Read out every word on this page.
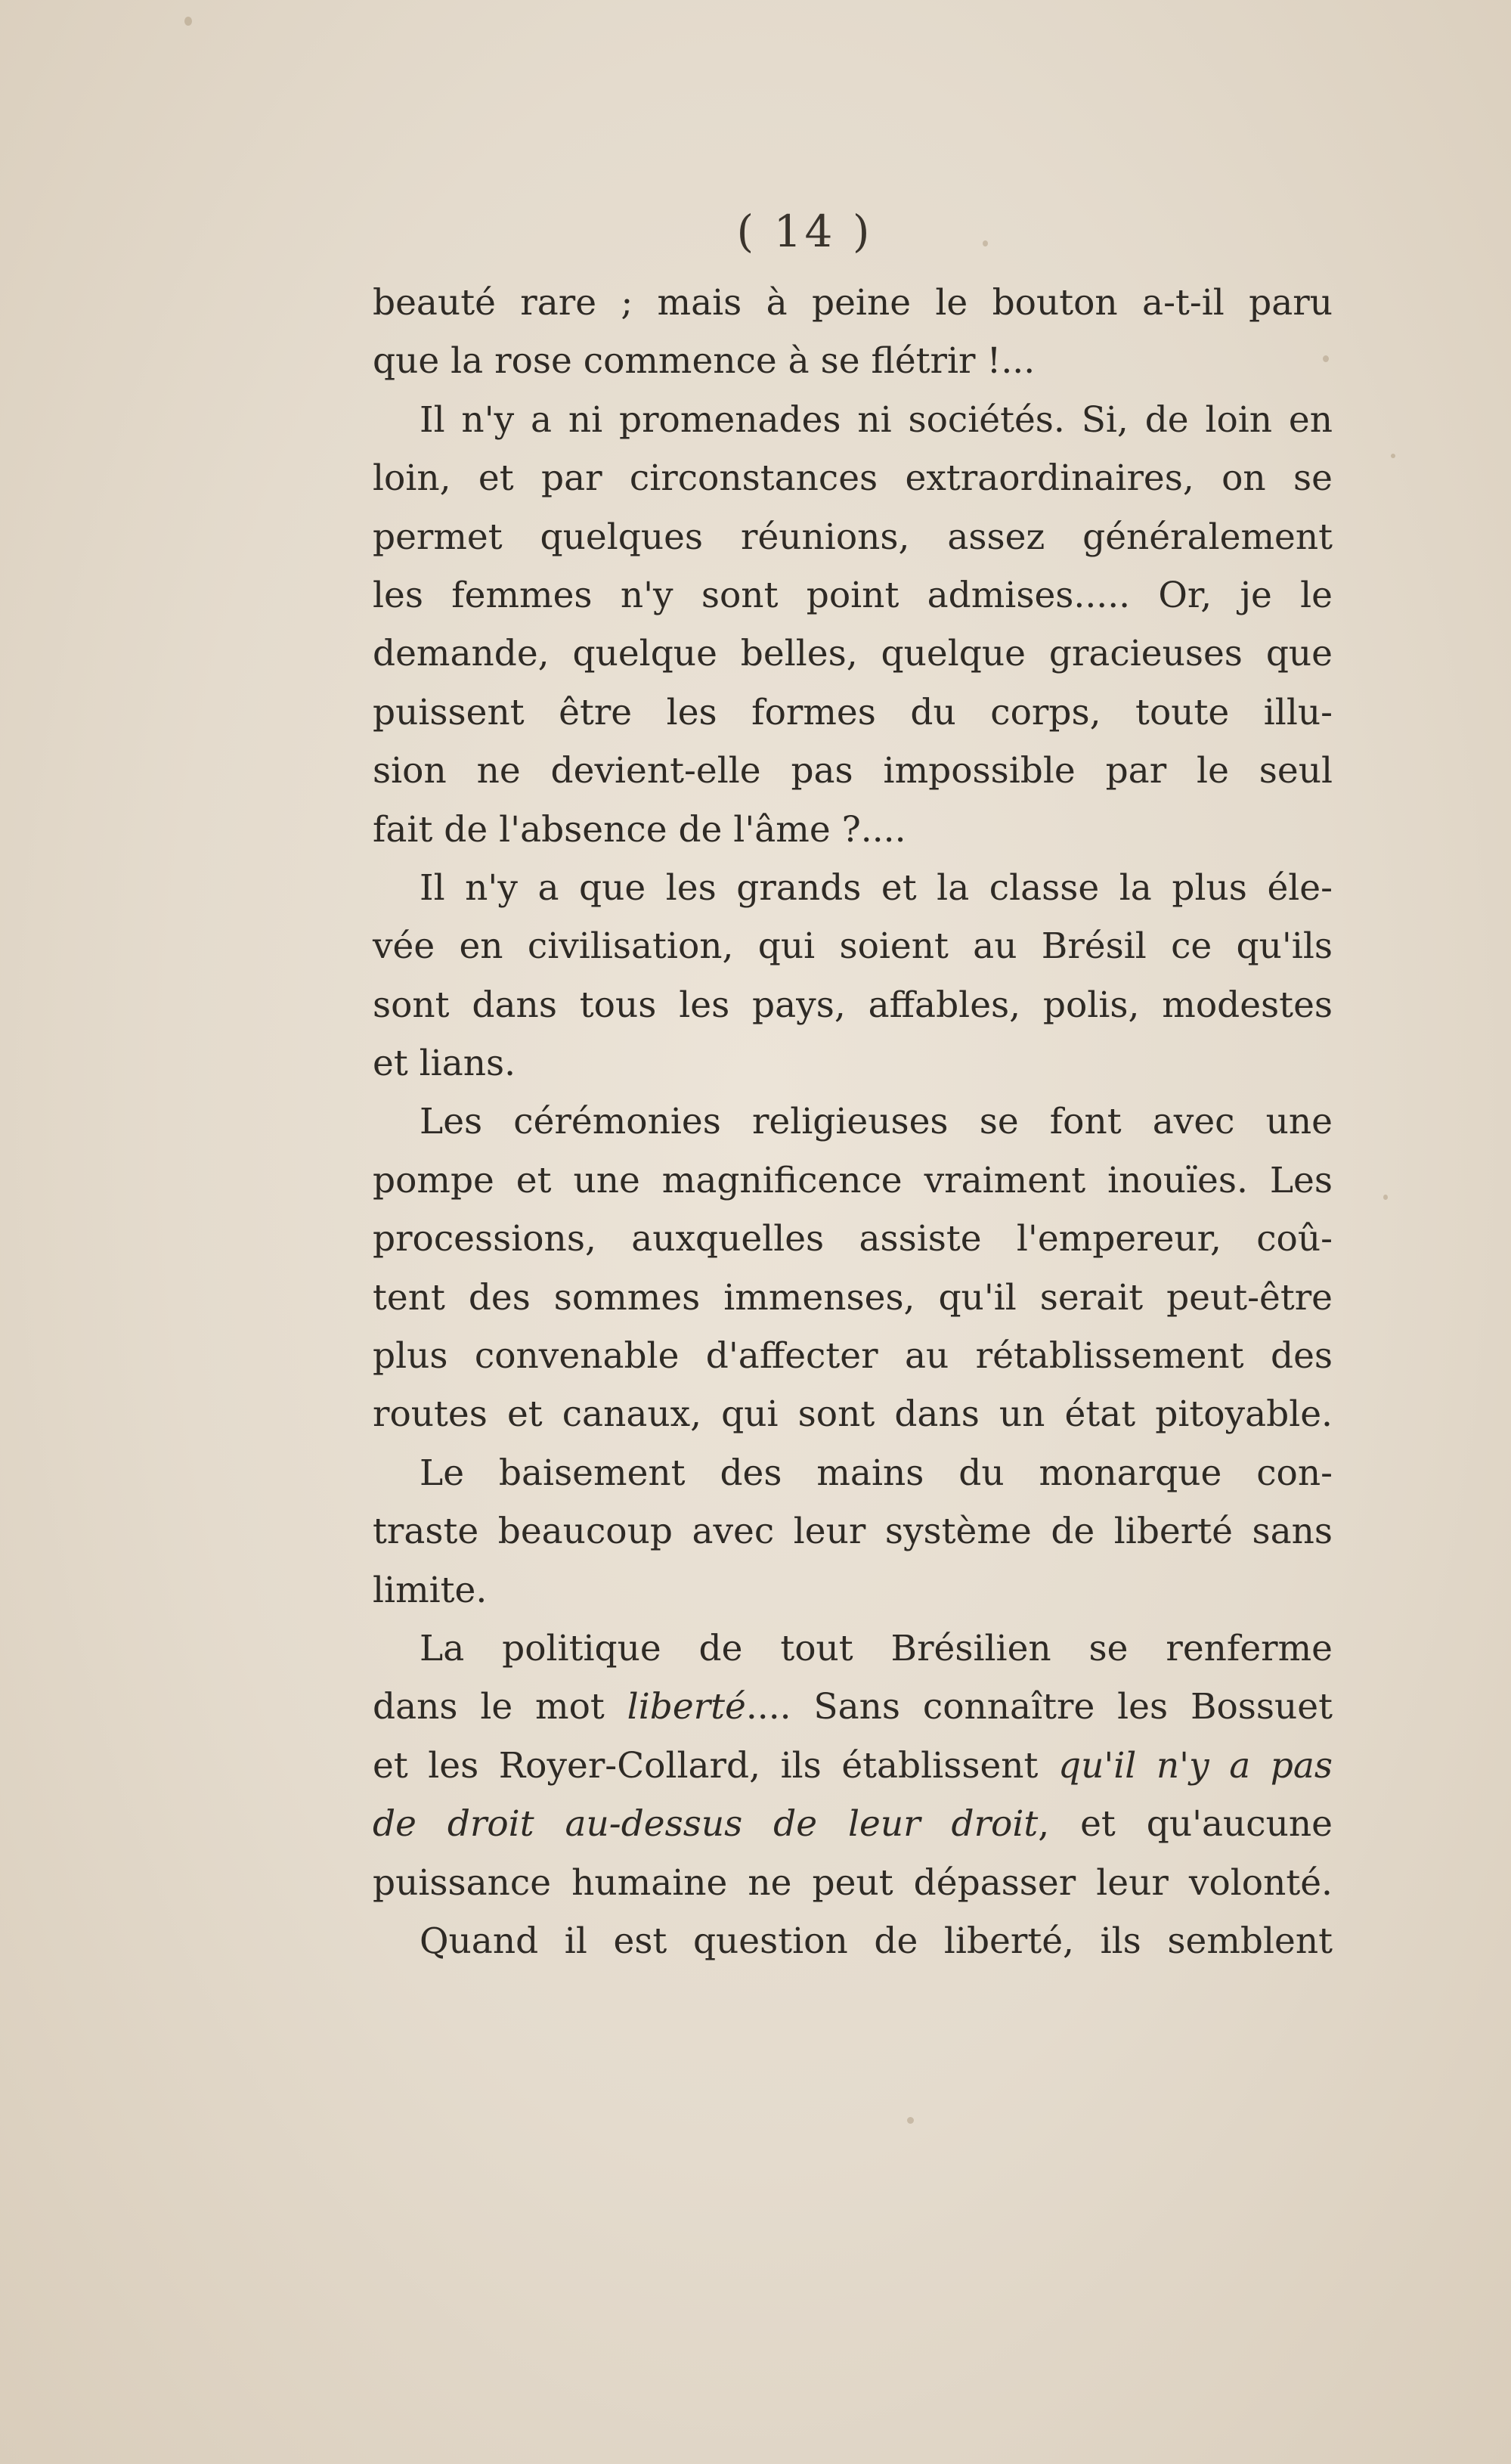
( 14 )
beauté rare ; mais à peine le bouton a-t-il paru
que la rose commence à se flétrir !...
Il n'y a ni promenades ni sociétés. Si, de loin en
loin, et par circonstances extraordinaires, on se
permet quelques réunions, assez généralement
les femmes n'y sont point admises..... Or, je le
demande, quelque belles, quelque gracieuses que
puissent être les formes du corps, toute illu-
sion ne devient-elle pas impossible par le seul
fait de l'absence de l'âme ?....
Il n'y a que les grands et la classe la plus éle-
vée en civilisation, qui soient au Brésil ce qu'ils
sont dans tous les pays, affables, polis, modestes
et lians.
Les cérémonies religieuses se font avec une
pompe et une magnificence vraiment inouïes. Les
processions, auxquelles assiste l'empereur, coû-
tent des sommes immenses, qu'il serait peut-être
plus convenable d'affecter au rétablissement des
routes et canaux, qui sont dans un état pitoyable.
Le baisement des mains du monarque con-
traste beaucoup avec leur système de liberté sans
limite.
La politique de tout Brésilien se renferme
dans le mot liberté.... Sans connaître les Bossuet
et les Royer-Collard, ils établissent qu'il n'y a pas
de droit au-dessus de leur droit, et qu'aucune
puissance humaine ne peut dépasser leur volonté.
Quand il est question de liberté, ils semblent
